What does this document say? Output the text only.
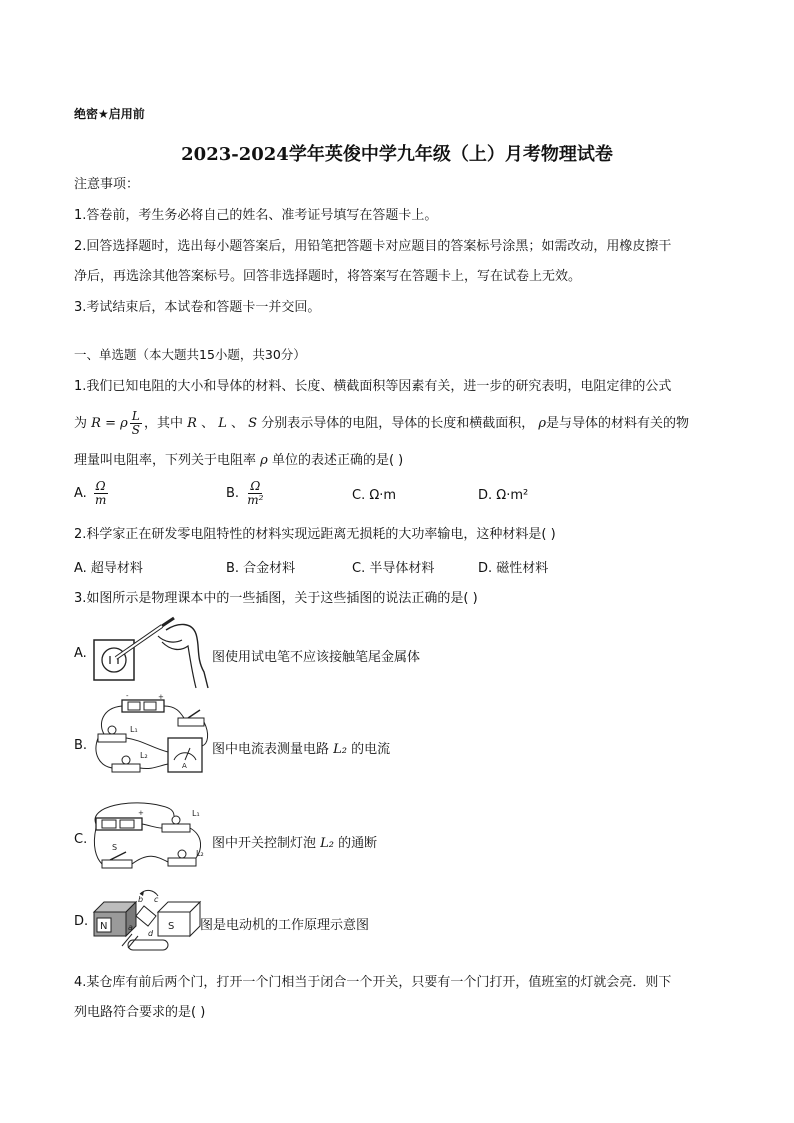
绝密★启用前
2023-2024学年英俊中学九年级（上）月考物理试卷
注意事项：
1.答卷前，考生务必将自己的姓名、准考证号填写在答题卡上。
2.回答选择题时，选出每小题答案后，用铅笔把答题卡对应题目的答案标号涂黑；如需改动，用橡皮擦干
净后，再选涂其他答案标号。回答非选择题时，将答案写在答题卡上，写在试卷上无效。
3.考试结束后，本试卷和答题卡一并交回。
一、单选题（本大题共15小题，共30分）
1.我们已知电阻的大小和导体的材料、长度、横截面积等因素有关，进一步的研究表明，电阻定律的公式
为 R = ρ $\frac{L}{S}$ ，其中 R 、 L 、 S 分别表示导体的电阻，导体的长度和横截面积， ρ是与导体的材料有关的物
理量叫电阻率，下列关于电阻率 ρ 单位的表述正确的是( )
A. $\frac{\Omega}{m}$	B. $\frac{\Omega}{\text{m²}}$	C. Ω·m	D. Ω·m²
2.科学家正在研发零电阻特性的材料实现远距离无损耗的大功率输电，这种材料是( )
A. 超导材料	B. 合金材料	C. 半导体材料	D. 磁性材料
3.如图所示是物理课本中的一些插图，关于这些插图的说法正确的是( )
A.	图使用试电笔不应该接触笔尾金属体
B.
-	+
L₁
L₂
A
图中电流表测量电路 L₂ 的电流
C.
+	L₁
L₂
S	图中开关控制灯泡 L₂ 的通断
D. N	S
b c
a
d
图是电动机的工作原理示意图
4.某仓库有前后两个门，打开一个门相当于闭合一个开关，只要有一个门打开，值班室的灯就会亮．则下
列电路符合要求的是( )
